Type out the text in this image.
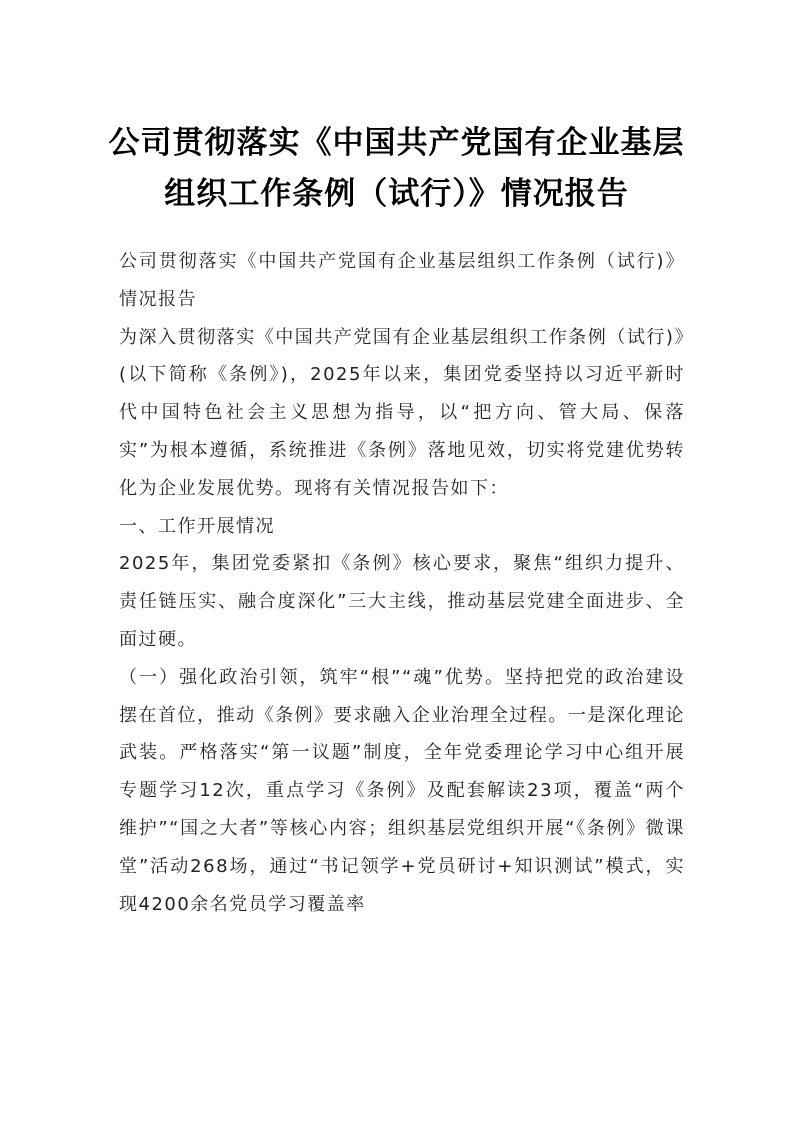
公司贯彻落实《中国共产党国有企业基层组织工作条例（试行）》情况报告

公司贯彻落实《中国共产党国有企业基层组织工作条例（试行)》情况报告

为深入贯彻落实《中国共产党国有企业基层组织工作条例（试行)》(以下简称《条例》)，2025年以来，集团党委坚持以习近平新时代中国特色社会主义思想为指导，以“把方向、管大局、保落实”为根本遵循，系统推进《条例》落地见效，切实将党建优势转化为企业发展优势。现将有关情况报告如下：

一、工作开展情况

2025年，集团党委紧扣《条例》核心要求，聚焦“组织力提升、责任链压实、融合度深化”三大主线，推动基层党建全面进步、全面过硬。

（一）强化政治引领，筑牢“根”“魂”优势。坚持把党的政治建设摆在首位，推动《条例》要求融入企业治理全过程。一是深化理论武装。严格落实“第一议题”制度，全年党委理论学习中心组开展专题学习12次，重点学习《条例》及配套解读23项，覆盖“两个维护”“国之大者”等核心内容；组织基层党组织开展“《条例》微课堂”活动268场，通过“书记领学+党员研讨+知识测试”模式，实现4200余名党员学习覆盖率
